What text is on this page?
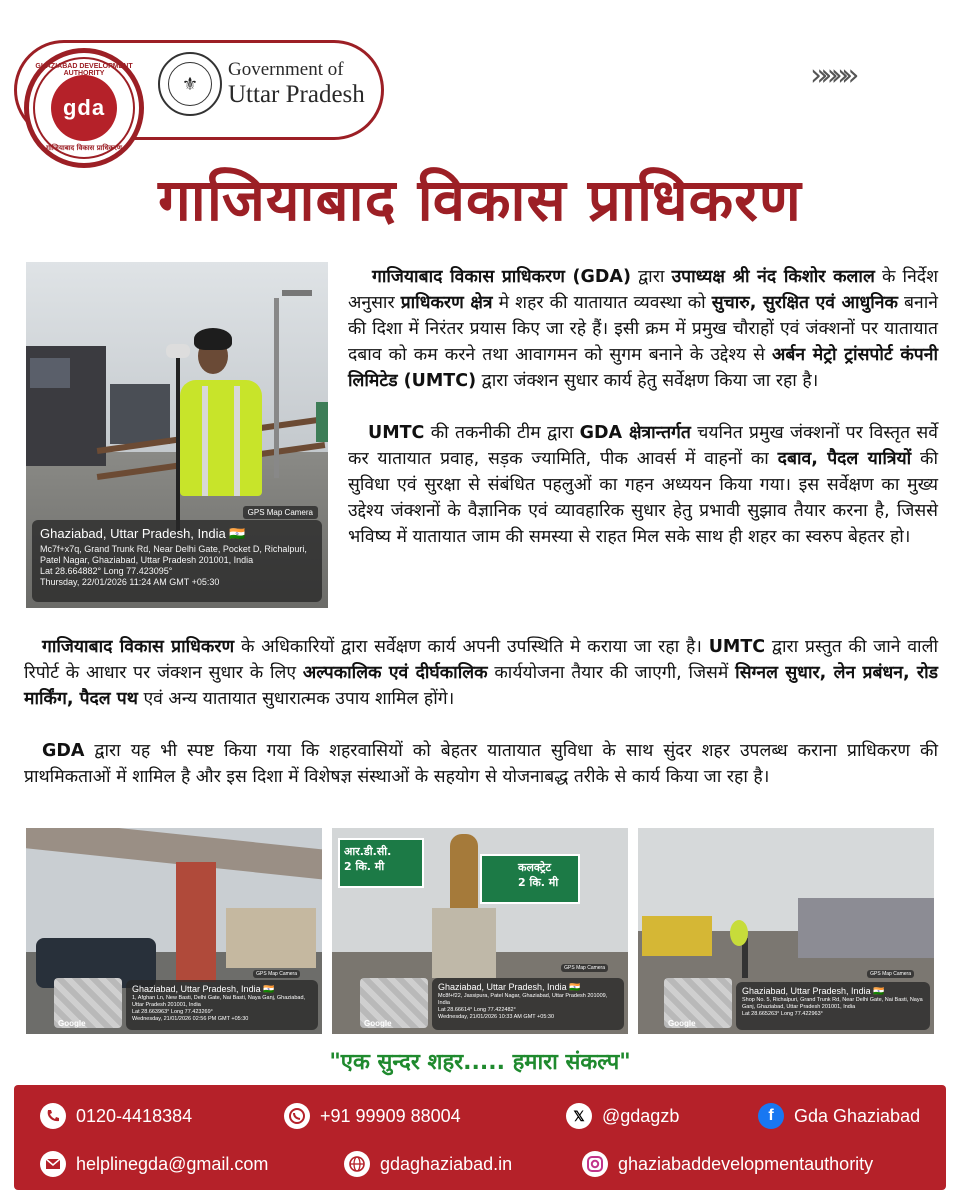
GHAZIABAD DEVELOPMENT AUTHORITY
gda
गाजियाबाद विकास प्राधिकरण
⚜
Government of
Uttar Pradesh
»»»»
गाजियाबाद विकास प्राधिकरण
GPS Map Camera
Ghaziabad, Uttar Pradesh, India 🇮🇳
Mc7f+x7q, Grand Trunk Rd, Near Delhi Gate, Pocket D, Richalpuri, Patel Nagar, Ghaziabad, Uttar Pradesh 201001, India
Lat 28.664882° Long 77.423095°
Thursday, 22/01/2026 11:24 AM GMT +05:30
गाजियाबाद विकास प्राधिकरण (GDA) द्वारा उपाध्यक्ष श्री नंद किशोर कलाल के निर्देश अनुसार प्राधिकरण क्षेत्र मे शहर की यातायात व्यवस्था को सुचारु, सुरक्षित एवं आधुनिक बनाने की दिशा में निरंतर प्रयास किए जा रहे हैं। इसी क्रम में प्रमुख चौराहों एवं जंक्शनों पर यातायात दबाव को कम करने तथा आवागमन को सुगम बनाने के उद्देश्य से अर्बन मेट्रो ट्रांसपोर्ट कंपनी लिमिटेड (UMTC) द्वारा जंक्शन सुधार कार्य हेतु सर्वेक्षण किया जा रहा है।
UMTC की तकनीकी टीम द्वारा GDA क्षेत्रान्तर्गत चयनित प्रमुख जंक्शनों पर विस्तृत सर्वे कर यातायात प्रवाह, सड़क ज्यामिति, पीक आवर्स में वाहनों का दबाव, पैदल यात्रियों की सुविधा एवं सुरक्षा से संबंधित पहलुओं का गहन अध्ययन किया गया। इस सर्वेक्षण का मुख्य उद्देश्य जंक्शनों के वैज्ञानिक एवं व्यावहारिक सुधार हेतु प्रभावी सुझाव तैयार करना है, जिससे भविष्य में यातायात जाम की समस्या से राहत मिल सके साथ ही शहर का स्वरुप बेहतर हो।
गाजियाबाद विकास प्राधिकरण के अधिकारियों द्वारा सर्वेक्षण कार्य अपनी उपस्थिति मे कराया जा रहा है। UMTC द्वारा प्रस्तुत की जाने वाली रिपोर्ट के आधार पर जंक्शन सुधार के लिए अल्पकालिक एवं दीर्घकालिक कार्ययोजना तैयार की जाएगी, जिसमें सिग्नल सुधार, लेन प्रबंधन, रोड मार्किंग, पैदल पथ एवं अन्य यातायात सुधारात्मक उपाय शामिल होंगे।
GDA द्वारा यह भी स्पष्ट किया गया कि शहरवासियों को बेहतर यातायात सुविधा के साथ सुंदर शहर उपलब्ध कराना प्राधिकरण की प्राथमिकताओं में शामिल है और इस दिशा में विशेषज्ञ संस्थाओं के सहयोग से योजनाबद्ध तरीके से कार्य किया जा रहा है।
GPS Map Camera
Ghaziabad, Uttar Pradesh, India 🇮🇳
1, Afghan Ln, New Basti, Delhi Gate, Nai Basti, Naya Ganj, Ghaziabad, Uttar Pradesh 201001, India
Lat 28.663963° Long 77.423269°
Wednesday, 21/01/2026 02:56 PM GMT +05:30
Google
आर.डी.सी.
2 कि. मी	कलक्ट्रेट
2 कि. मी
GPS Map Camera
Ghaziabad, Uttar Pradesh, India 🇮🇳
Mc8f+f22, Jassipura, Patel Nagar, Ghaziabad, Uttar Pradesh 201009, India
Lat 28.66614° Long 77.422482°
Wednesday, 21/01/2026 10:33 AM GMT +05:30
Google
GPS Map Camera
Ghaziabad, Uttar Pradesh, India 🇮🇳
Shop No. 5, Richalpuri, Grand Trunk Rd, Near Delhi Gate, Nai Basti, Naya Ganj, Ghaziabad, Uttar Pradesh 201001, India
Lat 28.665263° Long 77.422963°
Google
"एक सुन्दर शहर..... हमारा संकल्प"
0120-4418384	+91 99909 88004	𝕏 @gdagzb	f	Gda Ghaziabad
helplinegda@gmail.com	gdaghaziabad.in	ghaziabaddevelopmentauthority
